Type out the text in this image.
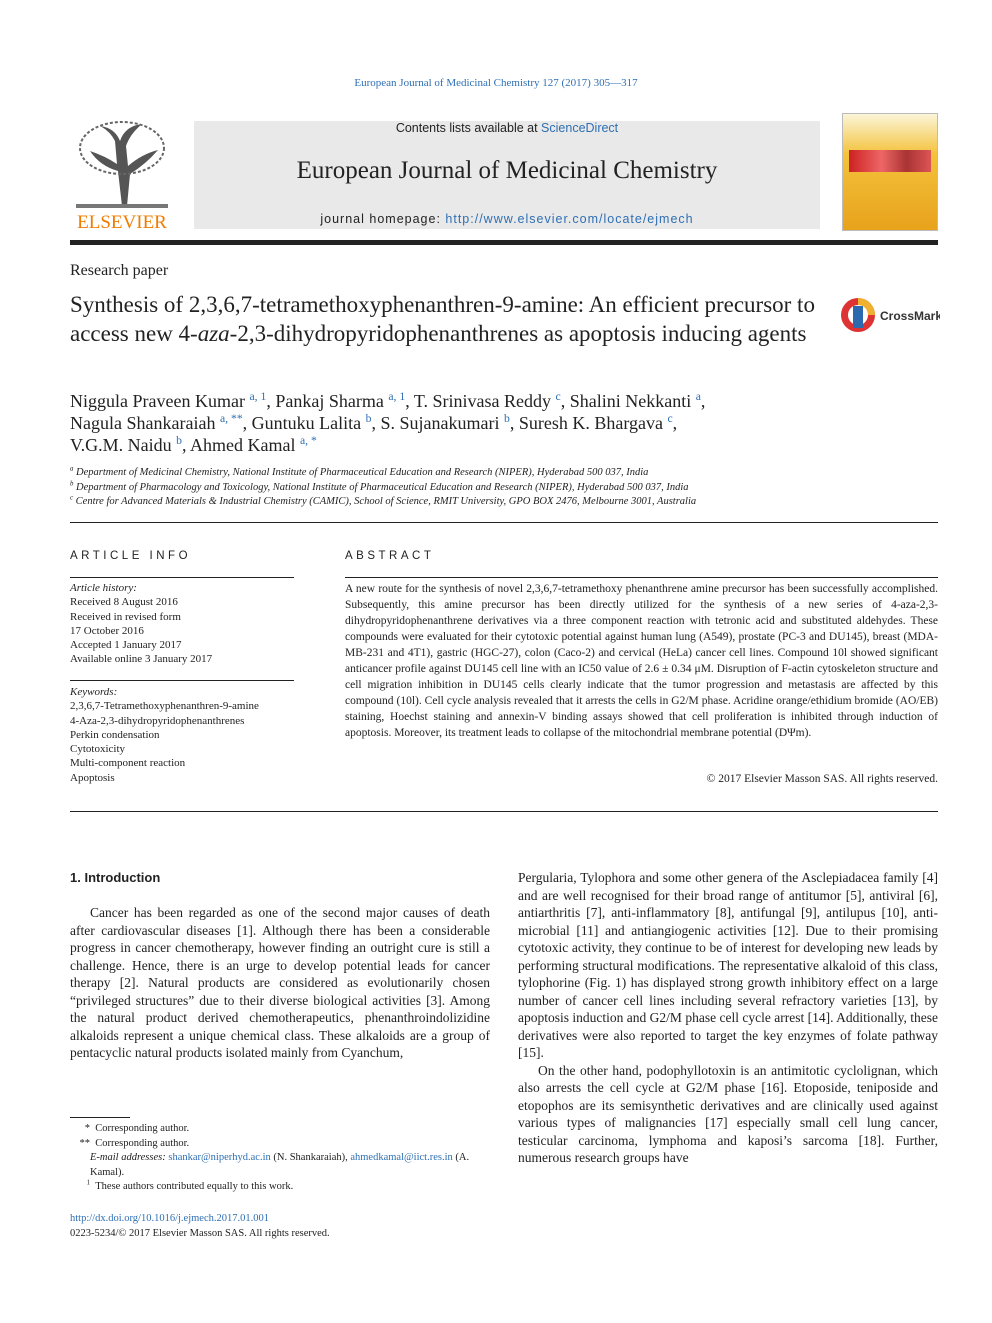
European Journal of Medicinal Chemistry 127 (2017) 305—317
ELSEVIER
Contents lists available at ScienceDirect
European Journal of Medicinal Chemistry
journal homepage: http://www.elsevier.com/locate/ejmech
Research paper
Synthesis of 2,3,6,7-tetramethoxyphenanthren-9-amine: An efficient precursor to access new 4-aza-2,3-dihydropyridophenanthrenes as apoptosis inducing agents
CrossMark
Niggula Praveen Kumar $^{a, 1}$, Pankaj Sharma $^{a, 1}$, T. Srinivasa Reddy $^c$, Shalini Nekkanti $^a$,
Nagula Shankaraiah $^{a, **}$, Guntuku Lalita $^b$, S. Sujanakumari $^b$, Suresh K. Bhargava $^c$,
V.G.M. Naidu $^b$, Ahmed Kamal $^{a, *}$
$^a$ Department of Medicinal Chemistry, National Institute of Pharmaceutical Education and Research (NIPER), Hyderabad 500 037, India
$^b$ Department of Pharmacology and Toxicology, National Institute of Pharmaceutical Education and Research (NIPER), Hyderabad 500 037, India
$^c$ Centre for Advanced Materials & Industrial Chemistry (CAMIC), School of Science, RMIT University, GPO BOX 2476, Melbourne 3001, Australia
ARTICLE INFO
Article history:
Received 8 August 2016
Received in revised form
17 October 2016
Accepted 1 January 2017
Available online 3 January 2017
Keywords:
2,3,6,7-Tetramethoxyphenanthren-9-amine
4-Aza-2,3-dihydropyridophenanthrenes
Perkin condensation
Cytotoxicity
Multi-component reaction
Apoptosis
ABSTRACT
A new route for the synthesis of novel 2,3,6,7-tetramethoxy phenanthrene amine precursor has been successfully accomplished. Subsequently, this amine precursor has been directly utilized for the synthesis of a new series of 4-aza-2,3-dihydropyridophenanthrene derivatives via a three component reaction with tetronic acid and substituted aldehydes. These compounds were evaluated for their cytotoxic potential against human lung (A549), prostate (PC-3 and DU145), breast (MDA-MB-231 and 4T1), gastric (HGC-27), colon (Caco-2) and cervical (HeLa) cancer cell lines. Compound 10l showed significant anticancer profile against DU145 cell line with an IC50 value of 2.6 ± 0.34 μM. Disruption of F-actin cytoskeleton structure and cell migration inhibition in DU145 cells clearly indicate that the tumor progression and metastasis are affected by this compound (10l). Cell cycle analysis revealed that it arrests the cells in G2/M phase. Acridine orange/ethidium bromide (AO/EB) staining, Hoechst staining and annexin-V binding assays showed that cell proliferation is inhibited through induction of apoptosis. Moreover, its treatment leads to collapse of the mitochondrial membrane potential (DΨm).
© 2017 Elsevier Masson SAS. All rights reserved.
1. Introduction

Cancer has been regarded as one of the second major causes of death after cardiovascular diseases [1]. Although there has been a considerable progress in cancer chemotherapy, however finding an outright cure is still a challenge. Hence, there is an urge to develop potential leads for cancer therapy [2]. Natural products are considered as evolutionarily chosen “privileged structures” due to their diverse biological activities [3]. Among the natural product derived chemotherapeutics, phenanthroindolizidine alkaloids represent a unique chemical class. These alkaloids are a group of pentacyclic natural products isolated mainly from Cyanchum,

Pergularia, Tylophora and some other genera of the Asclepiadacea family [4] and are well recognised for their broad range of antitumor [5], antiviral [6], antiarthritis [7], anti-inflammatory [8], antifungal [9], antilupus [10], anti-microbial [11] and antiangiogenic activities [12]. Due to their promising cytotoxic activity, they continue to be of interest for developing new leads by performing structural modifications. The representative alkaloid of this class, tylophorine (Fig. 1) has displayed strong growth inhibitory effect on a large number of cancer cell lines including several refractory varieties [13], by apoptosis induction and G2/M phase cell cycle arrest [14]. Additionally, these derivatives were also reported to target the key enzymes of folate pathway [15].

On the other hand, podophyllotoxin is an antimitotic cyclolignan, which also arrests the cell cycle at G2/M phase [16]. Etoposide, teniposide and etopophos are its semisynthetic derivatives and are clinically used against various types of malignancies [17] especially small cell lung cancer, testicular carcinoma, lymphoma and kaposi’s sarcoma [18]. Further, numerous research groups have

* Corresponding author.
** Corresponding author.
E-mail addresses: shankar@niperhyd.ac.in (N. Shankaraiah), ahmedkamal@iict.res.in (A. Kamal).
$^1$ These authors contributed equally to this work.
http://dx.doi.org/10.1016/j.ejmech.2017.01.001
0223-5234/© 2017 Elsevier Masson SAS. All rights reserved.
